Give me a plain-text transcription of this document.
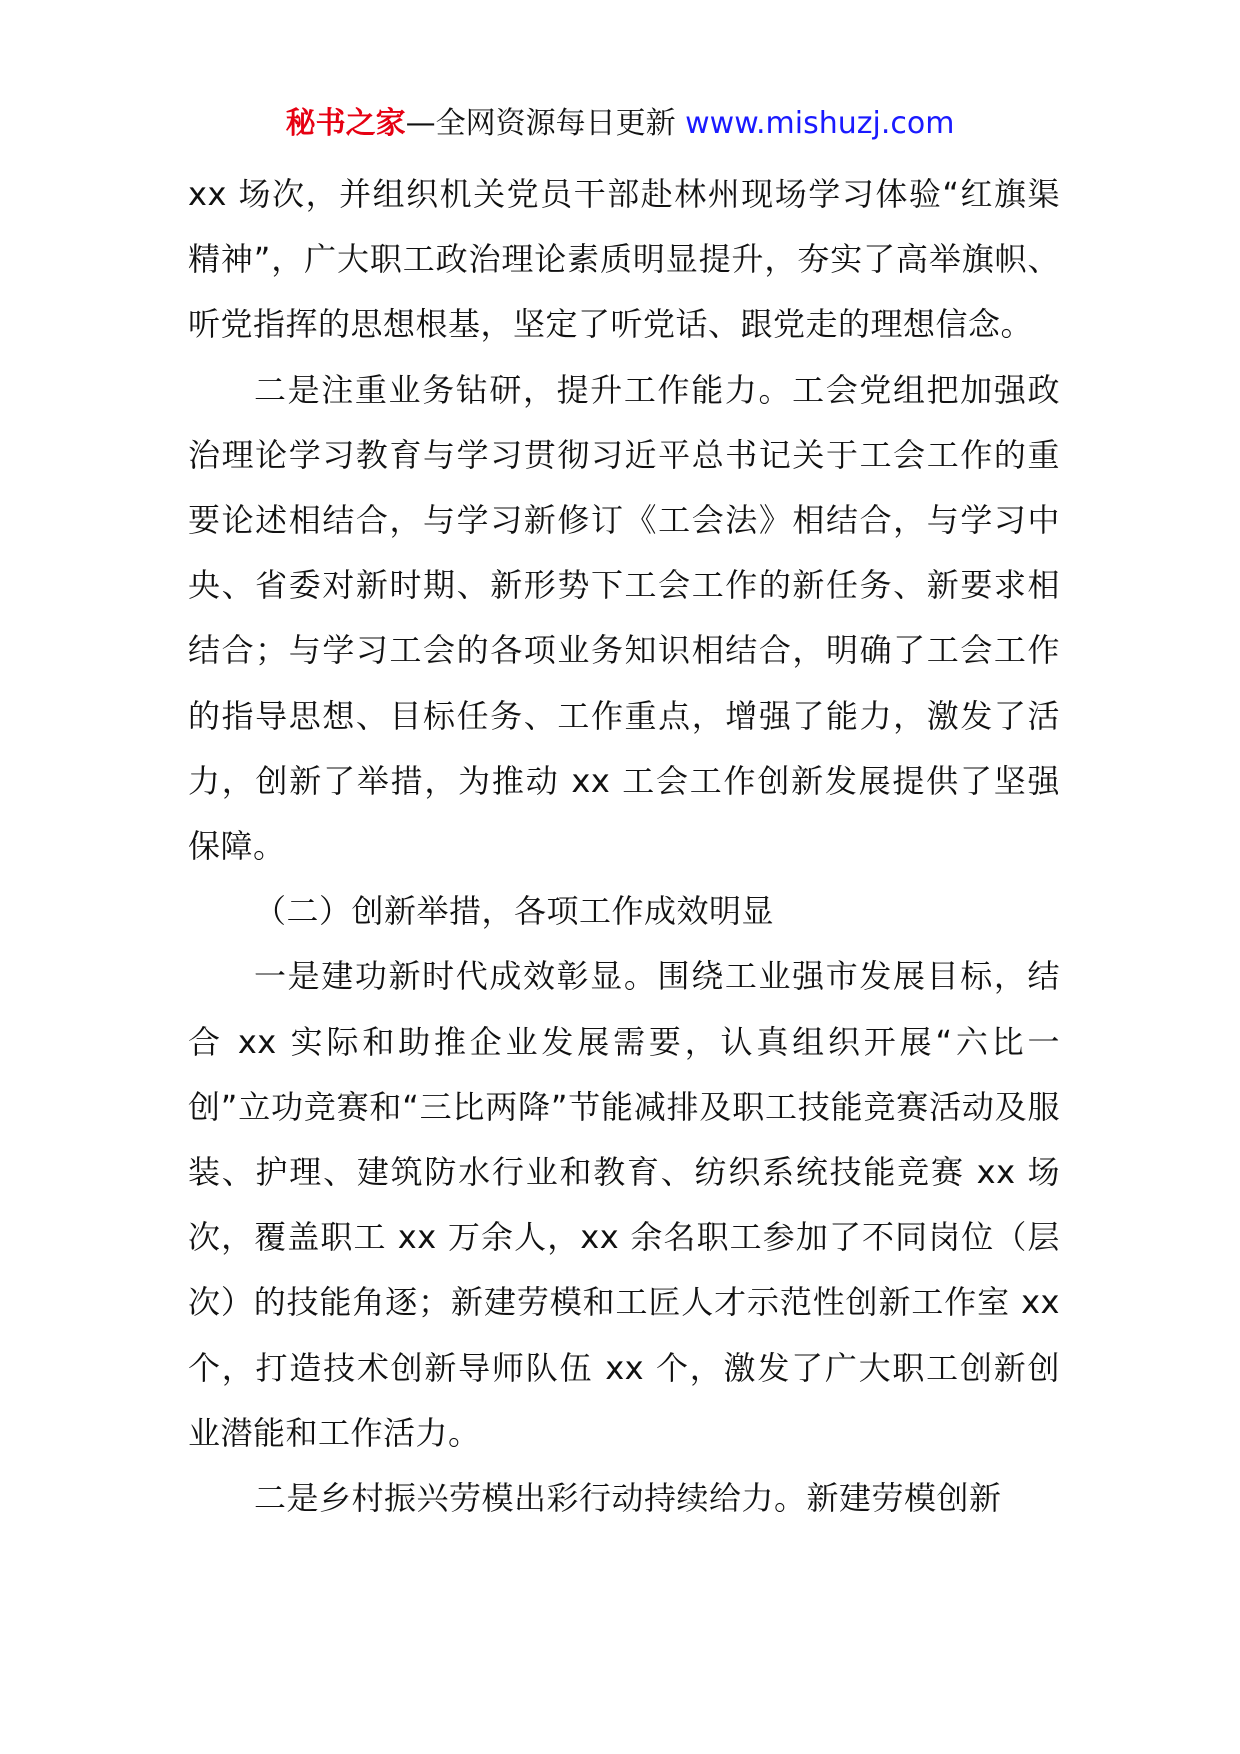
秘书之家—全网资源每日更新 www.mishuzj.com

xx 场次，并组织机关党员干部赴林州现场学习体验“红旗渠精神”，广大职工政治理论素质明显提升，夯实了高举旗帜、听党指挥的思想根基，坚定了听党话、跟党走的理想信念。

二是注重业务钻研，提升工作能力。工会党组把加强政治理论学习教育与学习贯彻习近平总书记关于工会工作的重要论述相结合，与学习新修订《工会法》相结合，与学习中央、省委对新时期、新形势下工会工作的新任务、新要求相结合；与学习工会的各项业务知识相结合，明确了工会工作的指导思想、目标任务、工作重点，增强了能力，激发了活力，创新了举措，为推动 xx 工会工作创新发展提供了坚强保障。

（二）创新举措，各项工作成效明显

一是建功新时代成效彰显。围绕工业强市发展目标，结合 xx 实际和助推企业发展需要，认真组织开展“六比一创”立功竞赛和“三比两降”节能减排及职工技能竞赛活动及服装、护理、建筑防水行业和教育、纺织系统技能竞赛 xx 场次，覆盖职工 xx 万余人，xx 余名职工参加了不同岗位（层次）的技能角逐；新建劳模和工匠人才示范性创新工作室 xx 个，打造技术创新导师队伍 xx 个，激发了广大职工创新创业潜能和工作活力。

二是乡村振兴劳模出彩行动持续给力。新建劳模创新
